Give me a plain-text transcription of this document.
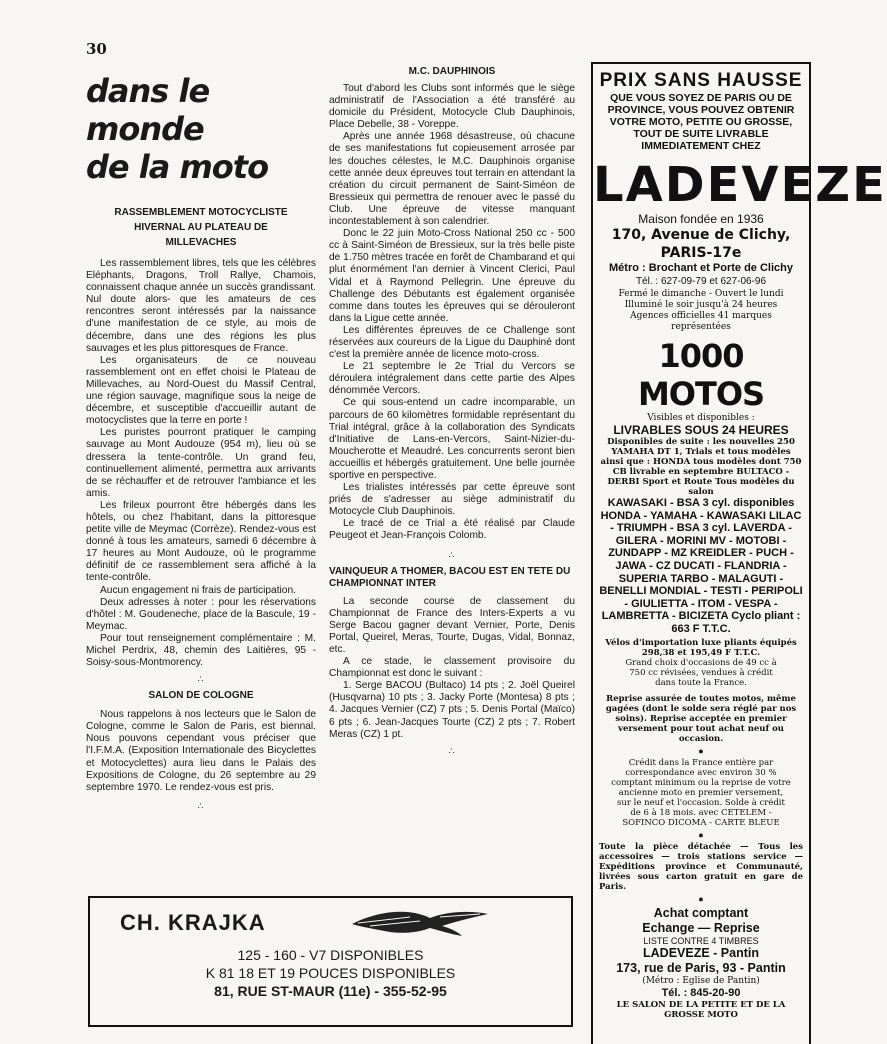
30
dans le
monde
de la moto
RASSEMBLEMENT MOTOCYCLISTE HIVERNAL AU PLATEAU DE MILLEVACHES

Les rassemblement libres, tels que les célèbres Eléphants, Dragons, Troll Rallye, Chamois, connaissent chaque année un succès grandissant. Nul doute alors- que les amateurs de ces rencontres seront intéressés par la naissance d'une manifestation de ce style, au mois de décembre, dans une des régions les plus sauvages et les plus pittoresques de France.

Les organisateurs de ce nouveau rassemblement ont en effet choisi le Plateau de Millevaches, au Nord-Ouest du Massif Central, une région sauvage, magnifique sous la neige de décembre, et susceptible d'accueillir autant de motocyclistes que la terre en porte !

Les puristes pourront pratiquer le camping sauvage au Mont Audouze (954 m), lieu où se dressera la tente-contrôle. Un grand feu, continuellement alimenté, permettra aux arrivants de se réchauffer et de retrouver l'ambiance et les amis.

Les frileux pourront être hébergés dans les hôtels, ou chez l'habitant, dans la pittoresque petite ville de Meymac (Corrèze). Rendez-vous est donné à tous les amateurs, samedi 6 décembre à 17 heures au Mont Audouze, où le programme définitif de ce rassemblement sera affiché à la tente-contrôle.

Aucun engagement ni frais de participation.

Deux adresses à noter : pour les réservations d'hôtel : M. Goudeneche, place de la Bascule, 19 - Meymac.

Pour tout renseignement complémentaire : M. Michel Perdrix, 48, chemin des Laitières, 95 - Soisy-sous-Montmorency.

∴
SALON DE COLOGNE

Nous rappelons à nos lecteurs que le Salon de Cologne, comme le Salon de Paris, est biennal. Nous pouvons cependant vous préciser que l'I.F.M.A. (Exposition Internationale des Bicyclettes et Motocyclettes) aura lieu dans le Palais des Expositions de Cologne, du 26 septembre au 29 septembre 1970. Le rendez-vous est pris.

∴
M.C. DAUPHINOIS

Tout d'abord les Clubs sont informés que le siège administratif de l'Association a été transféré au domicile du Président, Motocycle Club Dauphinois, Place Debelle, 38 - Voreppe.

Après une année 1968 désastreuse, où chacune de ses manifestations fut copieusement arrosée par les douches célestes, le M.C. Dauphinois organise cette année deux épreuves tout terrain en attendant la création du circuit permanent de Saint-Siméon de Bressieux qui permettra de renouer avec le passé du Club. Une épreuve de vitesse manquant incontestablement à son calendrier.

Donc le 22 juin Moto-Cross National 250 cc - 500 cc à Saint-Siméon de Bressieux, sur la très belle piste de 1.750 mètres tracée en forêt de Chambarand et qui plut énormément l'an dernier à Vincent Clerici, Paul Vidal et à Raymond Pellegrin. Une épreuve du Challenge des Débutants est également organisée comme dans toutes les épreuves qui se dérouleront dans la Ligue cette année.

Les différentes épreuves de ce Challenge sont réservées aux coureurs de la Ligue du Dauphiné dont c'est la première année de licence moto-cross.

Le 21 septembre le 2e Trial du Vercors se déroulera intégralement dans cette partie des Alpes dénommée Vercors.

Ce qui sous-entend un cadre incomparable, un parcours de 60 kilomètres formidable représentant du Trial intégral, grâce à la collaboration des Syndicats d'Initiative de Lans-en-Vercors, Saint-Nizier-du-Moucherotte et Meaudré. Les concurrents seront bien accueillis et hébergés gratuitement. Une belle journée sportive en perspective.

Les trialistes intéressés par cette épreuve sont priés de s'adresser au siège administratif du Motocycle Club Dauphinois.

Le tracé de ce Trial a été réalisé par Claude Peugeot et Jean-François Colomb.

∴
VAINQUEUR A THOMER, BACOU EST EN TETE DU CHAMPIONNAT INTER

La seconde course de classement du Championnat de France des Inters-Experts a vu Serge Bacou gagner devant Vernier, Porte, Denis Portal, Queirel, Meras, Tourte, Dugas, Vidal, Bonnaz, etc.

A ce stade, le classement provisoire du Championnat est donc le suivant :

1. Serge BACOU (Bultaco) 14 pts ; 2. Joël Queirel (Husqvarna) 10 pts ; 3. Jacky Porte (Montesa) 8 pts ; 4. Jacques Vernier (CZ) 7 pts ; 5. Denis Portal (Maïco) 6 pts ; 6. Jean-Jacques Tourte (CZ) 2 pts ; 7. Robert Meras (CZ) 1 pt.

∴
PRIX SANS HAUSSE
QUE VOUS SOYEZ DE PARIS OU DE PROVINCE, VOUS POUVEZ OBTENIR VOTRE MOTO, PETITE OU GROSSE, TOUT DE SUITE LIVRABLE IMMEDIATEMENT CHEZ
LADEVEZE
Maison fondée en 1936
170, Avenue de Clichy, PARIS-17e
Métro : Brochant et Porte de Clichy
Tél. : 627-09-79 et 627-06-96
Fermé le dimanche - Ouvert le lundi Illuminé le soir jusqu'à 24 heures
Agences officielles 41 marques représentées
1000 MOTOS
Visibles et disponibles :
LIVRABLES SOUS 24 HEURES
Disponibles de suite : les nouvelles 250 YAMAHA DT 1, Trials et tous modèles ainsi que : HONDA tous modèles dont 750 CB livrable en septembre BULTACO - DERBI Sport et Route Tous modèles du salon
KAWASAKI - BSA 3 cyl. disponibles HONDA - YAMAHA - KAWASAKI LILAC - TRIUMPH - BSA 3 cyl. LAVERDA - GILERA - MORINI MV - MOTOBI - ZUNDAPP - MZ KREIDLER - PUCH - JAWA - CZ DUCATI - FLANDRIA - SUPERIA TARBO - MALAGUTI - BENELLI MONDIAL - TESTI - PERIPOLI - GIULIETTA - ITOM - VESPA - LAMBRETTA - BICIZETA Cyclo pliant : 663 F T.T.C.
Vélos d'importation luxe pliants équipés 298,38 et 195,49 F T.T.C.
Grand choix d'occasions de 49 cc à 750 cc révisées, vendues à crédit dans toute la France.
Reprise assurée de toutes motos, même gagées (dont le solde sera réglé par nos soins). Reprise acceptée en premier versement pour tout achat neuf ou occasion.
●
Crédit dans la France entière par correspondance avec environ 30 % comptant minimum ou la reprise de votre ancienne moto en premier versement, sur le neuf et l'occasion. Solde à crédit de 6 à 18 mois. avec CETELEM - SOFINCO DICOMA - CARTE BLEUE
●
Toute la pièce détachée — Tous les accessoires — trois stations service — Expéditions province et Communauté, livrées sous carton gratuit en gare de Paris.
●
Achat comptant
Echange — Reprise
LISTE CONTRE 4 TIMBRES
LADEVEZE - Pantin
173, rue de Paris, 93 - Pantin
(Métro : Eglise de Pantin)
Tél. : 845-20-90
LE SALON DE LA PETITE ET DE LA GROSSE MOTO
CH. KRAJKA
125 - 160 - V7 DISPONIBLES
K 81 18 ET 19 POUCES DISPONIBLES
81, RUE ST-MAUR (11e) - 355-52-95
